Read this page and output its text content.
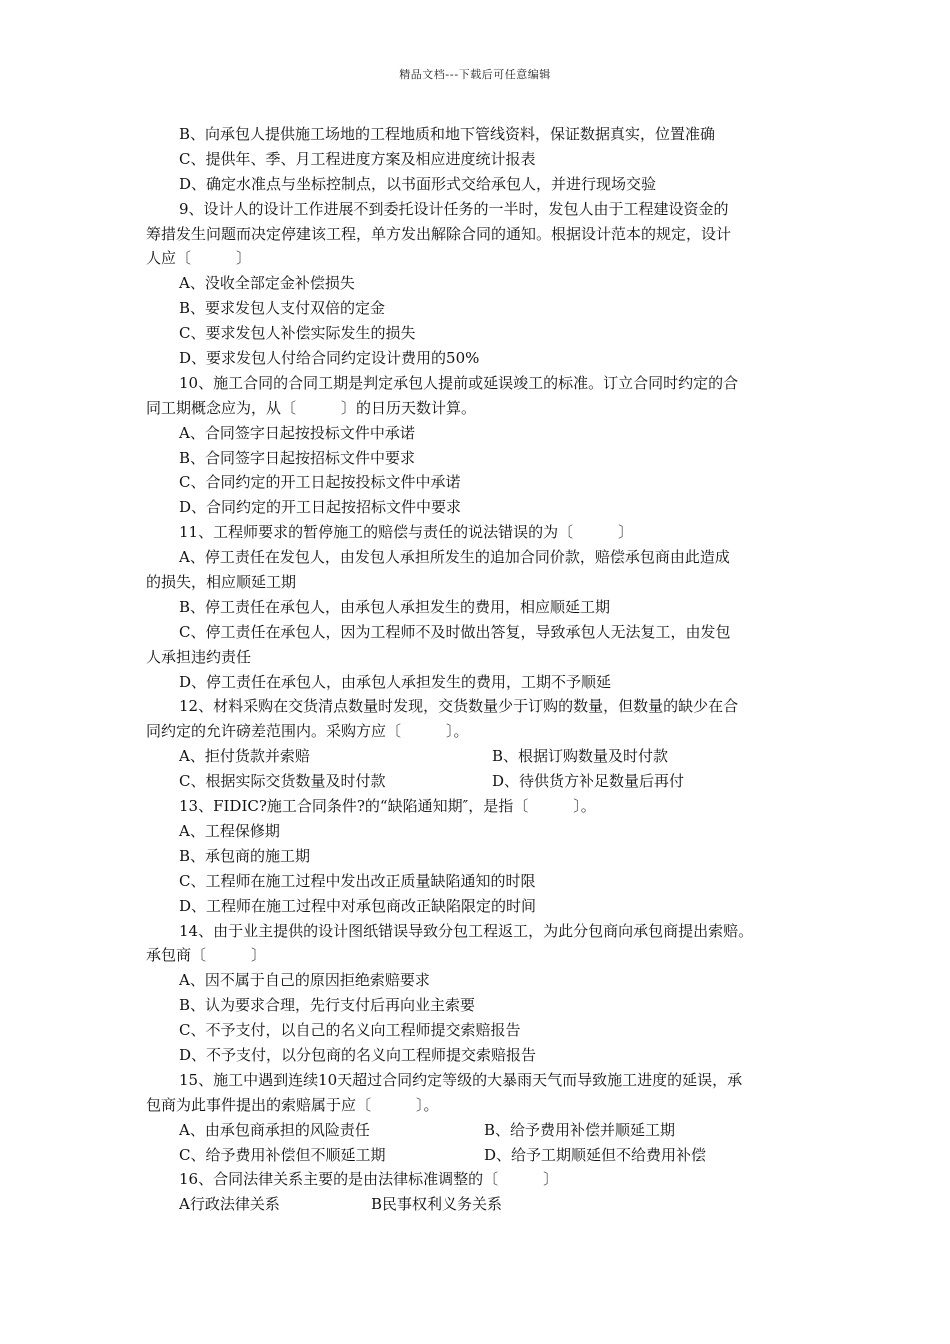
精品文档---下载后可任意编辑
B、向承包人提供施工场地的工程地质和地下管线资料，保证数据真实，位置准确
C、提供年、季、月工程进度方案及相应进度统计报表
D、确定水准点与坐标控制点，以书面形式交给承包人，并进行现场交验
9、设计人的设计工作进展不到委托设计任务的一半时，发包人由于工程建设资金的
筹措发生问题而决定停建该工程，单方发出解除合同的通知。根据设计范本的规定，设计
人应〔　　　〕
A、没收全部定金补偿损失
B、要求发包人支付双倍的定金
C、要求发包人补偿实际发生的损失
D、要求发包人付给合同约定设计费用的50%
10、施工合同的合同工期是判定承包人提前或延误竣工的标准。订立合同时约定的合
同工期概念应为，从〔　　　〕的日历天数计算。
A、合同签字日起按投标文件中承诺
B、合同签字日起按招标文件中要求
C、合同约定的开工日起按投标文件中承诺
D、合同约定的开工日起按招标文件中要求
11、工程师要求的暂停施工的赔偿与责任的说法错误的为〔　　　〕
A、停工责任在发包人，由发包人承担所发生的追加合同价款，赔偿承包商由此造成
的损失，相应顺延工期
B、停工责任在承包人，由承包人承担发生的费用，相应顺延工期
C、停工责任在承包人，因为工程师不及时做出答复，导致承包人无法复工，由发包
人承担违约责任
D、停工责任在承包人，由承包人承担发生的费用，工期不予顺延
12、材料采购在交货清点数量时发现，交货数量少于订购的数量，但数量的缺少在合
同约定的允许磅差范围内。采购方应〔　　　〕。
A、拒付货款并索赔	B、根据订购数量及时付款
C、根据实际交货数量及时付款	D、待供货方补足数量后再付
13、FIDIC?施工合同条件?的“缺陷通知期″，是指〔　　　〕。
A、工程保修期
B、承包商的施工期
C、工程师在施工过程中发出改正质量缺陷通知的时限
D、工程师在施工过程中对承包商改正缺陷限定的时间
14、由于业主提供的设计图纸错误导致分包工程返工，为此分包商向承包商提出索赔。
承包商〔　　　〕
A、因不属于自己的原因拒绝索赔要求
B、认为要求合理，先行支付后再向业主索要
C、不予支付，以自己的名义向工程师提交索赔报告
D、不予支付，以分包商的名义向工程师提交索赔报告
15、施工中遇到连续10天超过合同约定等级的大暴雨天气而导致施工进度的延误，承
包商为此事件提出的索赔属于应〔　　　〕。
A、由承包商承担的风险责任	B、给予费用补偿并顺延工期
C、给予费用补偿但不顺延工期	D、给予工期顺延但不给费用补偿
16、合同法律关系主要的是由法律标准调整的〔　　　〕
A行政法律关系	B民事权利义务关系
